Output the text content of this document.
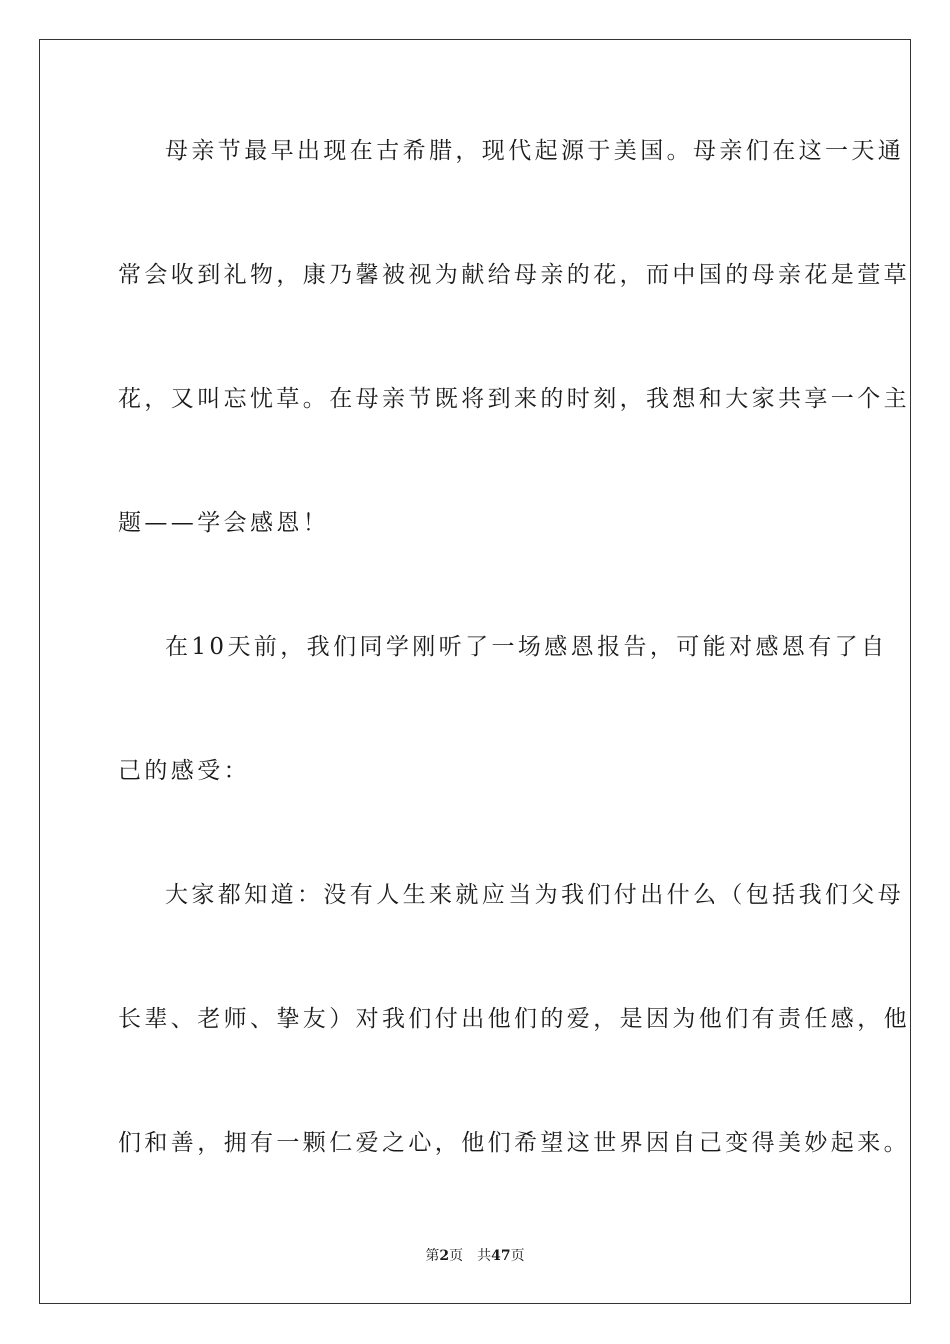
母亲节最早出现在古希腊，现代起源于美国。母亲们在这一天通
常会收到礼物，康乃馨被视为献给母亲的花，而中国的母亲花是萱草
花，又叫忘忧草。在母亲节既将到来的时刻，我想和大家共享一个主
题——学会感恩！
在10天前，我们同学刚听了一场感恩报告，可能对感恩有了自
己的感受：
大家都知道：没有人生来就应当为我们付出什么（包括我们父母
长辈、老师、挚友）对我们付出他们的爱，是因为他们有责任感，他
们和善，拥有一颗仁爱之心，他们希望这世界因自己变得美妙起来。
第2页 共47页
